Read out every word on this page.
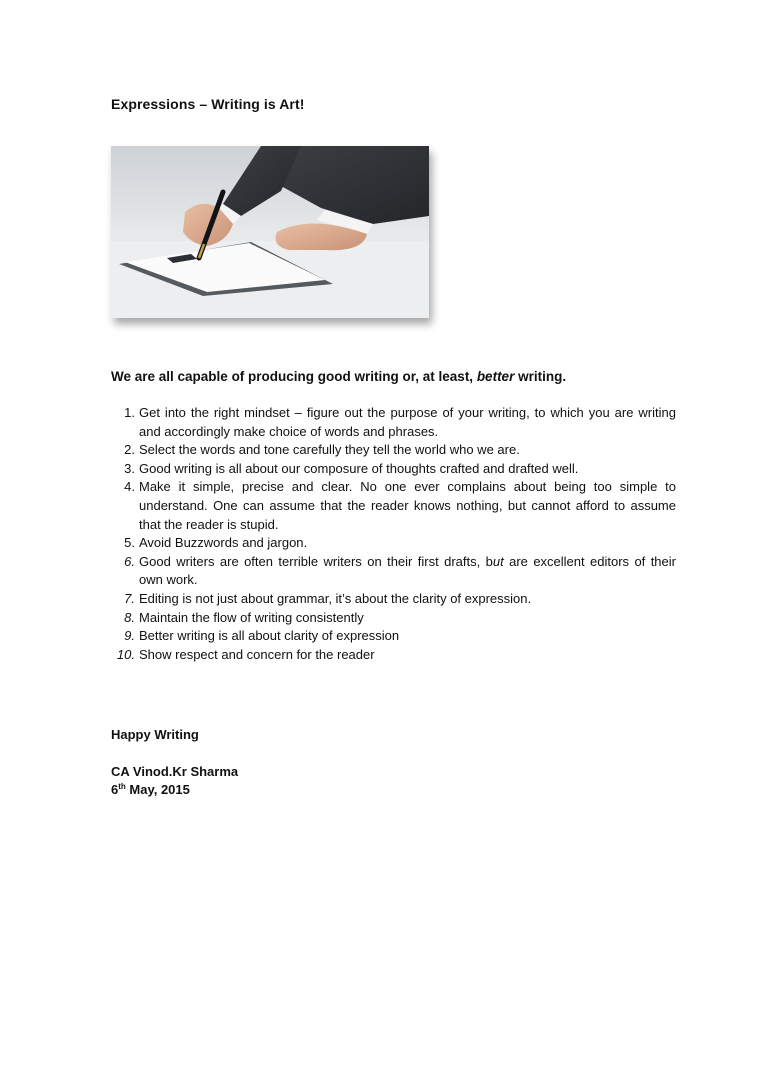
Expressions – Writing is Art!
We are all capable of producing good writing or, at least, better writing.
1. Get into the right mindset – figure out the purpose of your writing, to which you are writing and accordingly make choice of words and phrases.
2. Select the words and tone carefully they tell the world who we are.
3. Good writing is all about our composure of thoughts crafted and drafted well.
4. Make it simple, precise and clear. No one ever complains about being too simple to understand. One can assume that the reader knows nothing, but cannot afford to assume that the reader is stupid.
5. Avoid Buzzwords and jargon.
6. Good writers are often terrible writers on their first drafts, but are excellent editors of their own work.
7. Editing is not just about grammar, it’s about the clarity of expression.
8. Maintain the flow of writing consistently
9. Better writing is all about clarity of expression
10. Show respect and concern for the reader
Happy Writing
CA Vinod.Kr Sharma
6th May, 2015
